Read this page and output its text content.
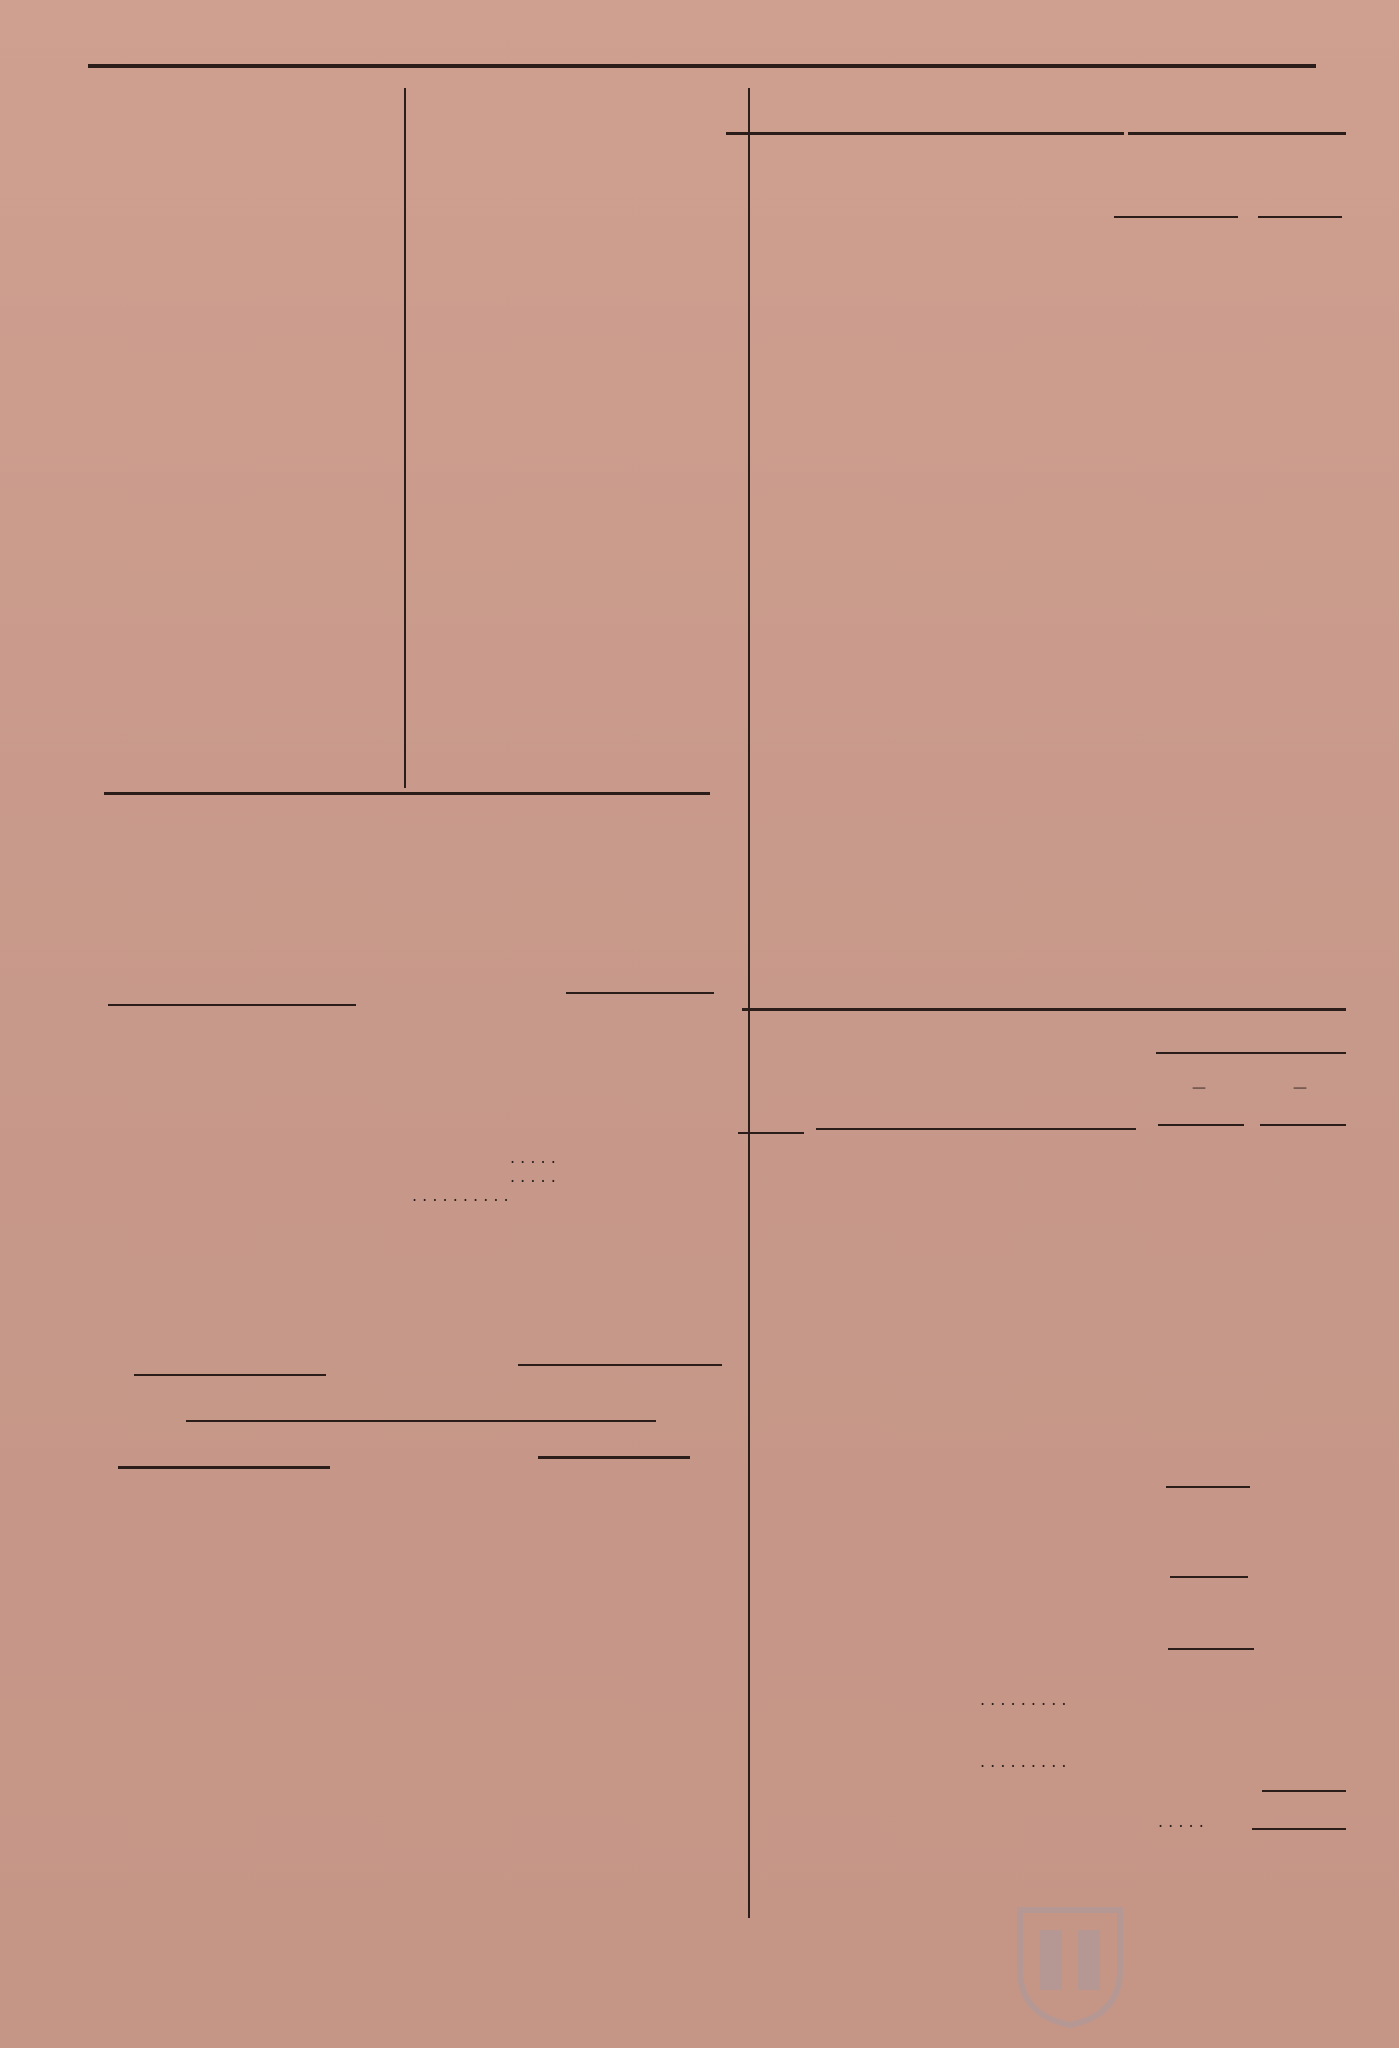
. . . . .
. . . . .
. . . . . . . . . .
—	—
. . . . . . . . .
. . . . . . . . .
. . . . .
